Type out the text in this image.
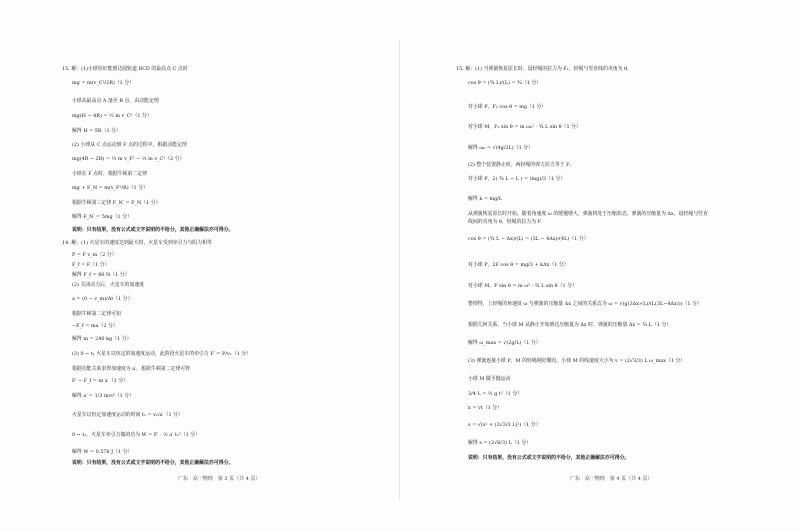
15. 解：(1)小球恰好能到达圆轨道 BCD 的最高点 C 点时
mg = m(v_C²/2R)（1 分）
小球从最高点 A 落至 B 点，由动能定理
mg(H − 4R) = ½ m v_C²（1 分）
解得 H = 5R（1 分）
(2) 小球从 C 点运动到 F 点的过程中，根据动能定理
mg(4R − 2R) = ½ m v_F² − ½ m v_C²（2 分）
小球在 F 点时，根据牛顿第二定律
mg + F_N = m(v_F²/R)（1 分）
根据牛顿第三定律 F_N′ = F_N（1 分）
解得 F_N′ = 5mg（1 分）
说明：只有结果，没有公式或文字说明的不给分，其他正确解法亦可得分。
14. 解：(1) 火星车的速度达到最大时，火星车受到牵引力与阻力相等
P = F v_m（2 分）
F_f = F（1 分）
解得 F_f = 80 N（1 分）
(2) 关闭动力后，火星车的加速度
a = (0 − v_m)/Δt（1 分）
根据牛顿第二定律可知
−F_f = ma（2 分）
解得 m = 240 kg（1 分）
(3) 0 ~ t₁ 火星车以恒定的加速度运动，此阶段火星车的牵引力 F′ = P/v₁（1 分）
根据功能关系求得加速度为 a′，根据牛顿第二定律可得
F′ − F_f = m a′（1 分）
解得 a′ = 1/3 m/s²（1 分）
火星车以恒定加速度运动的时间 t₁ = v₁/a′（1 分）
0 ~ t₁，火星车牵引力做的功为 W = F′ · ½ a′ t₁²（1 分）
解得 W = 0.576 J（1 分）
说明：只有结果，没有公式或文字说明的不给分，其他正确解法亦可得分。
广东 · 高一物理　第 3 页（共 4 页）
15. 解：(1) 当弹簧恢复原长时，设轻绳的拉力为 F₁，轻绳与竖直线的夹角为 θ，
cos θ = (¾ L)/(L) = ¾（1 分）
对小球 P，F₁ cos θ = mg（1 分）
对小球 M，F₁ sin θ = m ω₀² · ¾ L sin θ（1 分）
解得 ω₀ = √(4g/3L)（1 分）
(2) 整个装置静止时，两轻绳的弹力拉力等于 F，
对小球 P，2( ¾ L − L ) = (mg)/3（1 分）
解得 k = mg/L
从弹簧恢复原长时开始，随着角速度 ω 的缓慢增大，弹簧将处于压缩状态，弹簧的压缩量为 Δx，设轻绳与竖直
线间的夹角为 θ，轻绳的拉力为 F
cos θ = (¾ L − Δx)/(L) = (3L − 4Δx)/(4L)（1 分）
对小球 P，2F cos θ = mg/3 + kΔx（1 分）
对小球 M，F sin θ = m ω² · ¾ L sin θ（1 分）
整理得，上轻绳的角速度 ω 与弹簧的压缩量 Δx 之间的关系式为 ω = √(g(3Δx+L)/(L(3L−4Δx)))（1 分）
根据几何关系，当小球 M 从静止开始到达压缩量为 Δx 时，弹簧的压缩量 Δx = ¾ L（1 分）
解得 ω_max = √(2g/L)（1 分）
(3) 弹簧连接小球 P，M 的轻绳刚好绷直，小球 M 的线速度大小为 v = (2√3/3) L ω_max（1 分）
小球 M 做平抛运动
3/4 L = ½ g t²（1 分）
x = vt（1 分）
s = √(x² + (2√3/3 L)²)（1 分）
解得 s = (2√6/3) L（1 分）
说明：只有结果，没有公式或文字说明的不给分，其他正确解法亦可得分。
广东 · 高一物理　第 4 页（共 4 页）
